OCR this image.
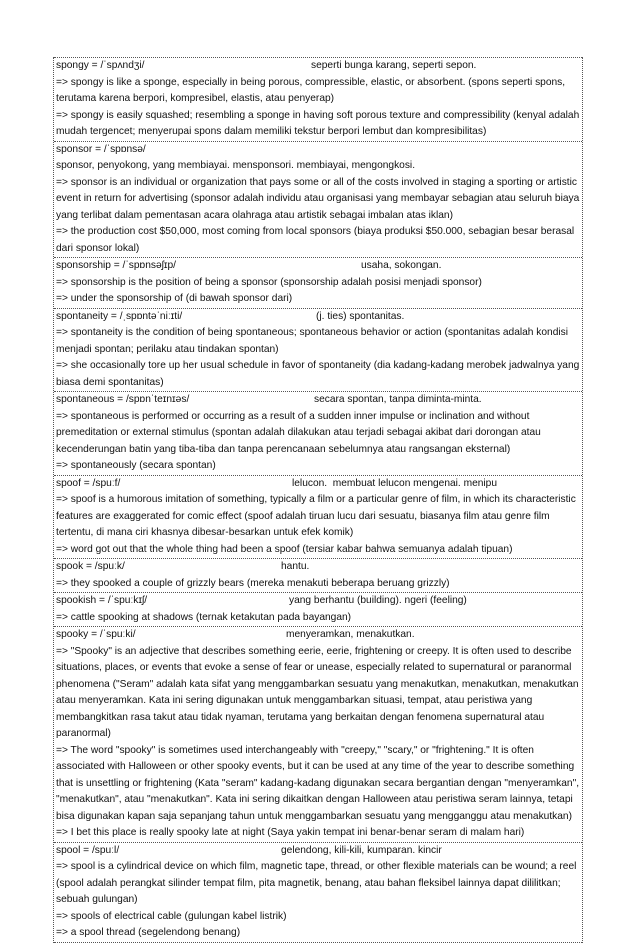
spongy = /ˈspʌndʒi/	seperti bunga karang, seperti sepon.
=> spongy is like a sponge, especially in being porous, compressible, elastic, or absorbent. (spons seperti spons, terutama karena berpori, kompresibel, elastis, atau penyerap)
=> spongy is easily squashed; resembling a sponge in having soft porous texture and compressibility (kenyal adalah mudah tergencet; menyerupai spons dalam memiliki tekstur berpori lembut dan kompresibilitas)
sponsor = /ˈspɒnsə/
sponsor, penyokong, yang membiayai. mensponsori. membiayai, mengongkosi.
=> sponsor is an individual or organization that pays some or all of the costs involved in staging a sporting or artistic event in return for advertising (sponsor adalah individu atau organisasi yang membayar sebagian atau seluruh biaya yang terlibat dalam pementasan acara olahraga atau artistik sebagai imbalan atas iklan)
=> the production cost $50,000, most coming from local sponsors (biaya produksi $50.000, sebagian besar berasal dari sponsor lokal)
sponsorship = /ˈspɒnsəʃɪp/	usaha, sokongan.
=> sponsorship is the position of being a sponsor (sponsorship adalah posisi menjadi sponsor)
=> under the sponsorship of (di bawah sponsor dari)
spontaneity = /ˌspɒntəˈniːɪti/	(j. ties) spontanitas.
=> spontaneity is the condition of being spontaneous; spontaneous behavior or action (spontanitas adalah kondisi menjadi spontan; perilaku atau tindakan spontan)
=> she occasionally tore up her usual schedule in favor of spontaneity (dia kadang-kadang merobek jadwalnya yang biasa demi spontanitas)
spontaneous = /spɒnˈteɪnɪəs/	secara spontan, tanpa diminta-minta.
=> spontaneous is performed or occurring as a result of a sudden inner impulse or inclination and without premeditation or external stimulus (spontan adalah dilakukan atau terjadi sebagai akibat dari dorongan atau kecenderungan batin yang tiba-tiba dan tanpa perencanaan sebelumnya atau rangsangan eksternal)
=> spontaneously (secara spontan)
spoof = /spuːf/	lelucon.  membuat lelucon mengenai. menipu
=> spoof is a humorous imitation of something, typically a film or a particular genre of film, in which its characteristic features are exaggerated for comic effect (spoof adalah tiruan lucu dari sesuatu, biasanya film atau genre film tertentu, di mana ciri khasnya dibesar-besarkan untuk efek komik)
=> word got out that the whole thing had been a spoof (tersiar kabar bahwa semuanya adalah tipuan)
spook = /spuːk/	hantu.
=> they spooked a couple of grizzly bears (mereka menakuti beberapa beruang grizzly)
spookish = /ˈspuːkɪʃ/	yang berhantu (building). ngeri (feeling)
=> cattle spooking at shadows (ternak ketakutan pada bayangan)
spooky = /ˈspuːki/	menyeramkan, menakutkan.
=> "Spooky" is an adjective that describes something eerie, eerie, frightening or creepy. It is often used to describe situations, places, or events that evoke a sense of fear or unease, especially related to supernatural or paranormal phenomena ("Seram" adalah kata sifat yang menggambarkan sesuatu yang menakutkan, menakutkan, menakutkan atau menyeramkan. Kata ini sering digunakan untuk menggambarkan situasi, tempat, atau peristiwa yang membangkitkan rasa takut atau tidak nyaman, terutama yang berkaitan dengan fenomena supernatural atau paranormal)
=> The word "spooky" is sometimes used interchangeably with "creepy," "scary," or "frightening." It is often associated with Halloween or other spooky events, but it can be used at any time of the year to describe something that is unsettling or frightening (Kata "seram" kadang-kadang digunakan secara bergantian dengan "menyeramkan", "menakutkan", atau "menakutkan". Kata ini sering dikaitkan dengan Halloween atau peristiwa seram lainnya, tetapi bisa digunakan kapan saja sepanjang tahun untuk menggambarkan sesuatu yang mengganggu atau menakutkan)
=> I bet this place is really spooky late at night (Saya yakin tempat ini benar-benar seram di malam hari)
spool = /spuːl/	gelendong, kili-kili, kumparan. kincir
=> spool is a cylindrical device on which film, magnetic tape, thread, or other flexible materials can be wound; a reel (spool adalah perangkat silinder tempat film, pita magnetik, benang, atau bahan fleksibel lainnya dapat dililitkan; sebuah gulungan)
=> spools of electrical cable (gulungan kabel listrik)
=> a spool thread (segelendong benang)
